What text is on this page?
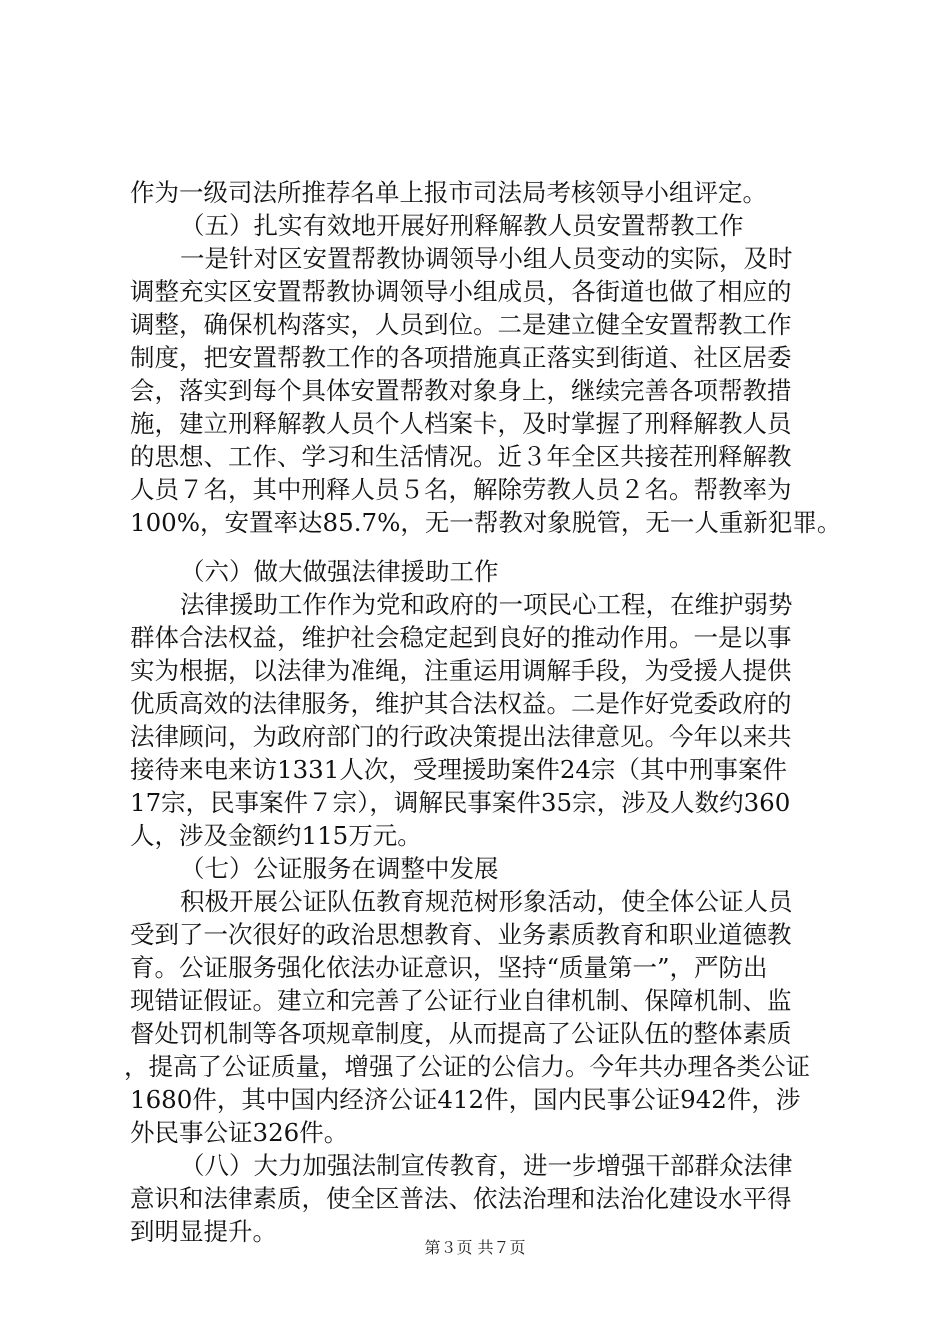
作为一级司法所推荐名单上报市司法局考核领导小组评定。
（五）扎实有效地开展好刑释解教人员安置帮教工作
一是针对区安置帮教协调领导小组人员变动的实际，及时
调整充实区安置帮教协调领导小组成员，各街道也做了相应的
调整，确保机构落实，人员到位。二是建立健全安置帮教工作
制度，把安置帮教工作的各项措施真正落实到街道、社区居委
会，落实到每个具体安置帮教对象身上，继续完善各项帮教措
施，建立刑释解教人员个人档案卡，及时掌握了刑释解教人员
的思想、工作、学习和生活情况。近３年全区共接茬刑释解教
人员７名，其中刑释人员５名，解除劳教人员２名。帮教率为
100%，安置率达85.7%，无一帮教对象脱管，无一人重新犯罪。
（六）做大做强法律援助工作
法律援助工作作为党和政府的一项民心工程，在维护弱势
群体合法权益，维护社会稳定起到良好的推动作用。一是以事
实为根据，以法律为准绳，注重运用调解手段，为受援人提供
优质高效的法律服务，维护其合法权益。二是作好党委政府的
法律顾问，为政府部门的行政决策提出法律意见。今年以来共
接待来电来访1331人次，受理援助案件24宗（其中刑事案件
17宗，民事案件７宗），调解民事案件35宗，涉及人数约360
人，涉及金额约115万元。
（七）公证服务在调整中发展
积极开展公证队伍教育规范树形象活动，使全体公证人员
受到了一次很好的政治思想教育、业务素质教育和职业道德教
育。公证服务强化依法办证意识，坚持“质量第一”，严防出
现错证假证。建立和完善了公证行业自律机制、保障机制、监
督处罚机制等各项规章制度，从而提高了公证队伍的整体素质
，提高了公证质量，增强了公证的公信力。今年共办理各类公证
1680件，其中国内经济公证412件，国内民事公证942件，涉
外民事公证326件。
（八）大力加强法制宣传教育，进一步增强干部群众法律
意识和法律素质，使全区普法、依法治理和法治化建设水平得
到明显提升。
第３页 共７页
